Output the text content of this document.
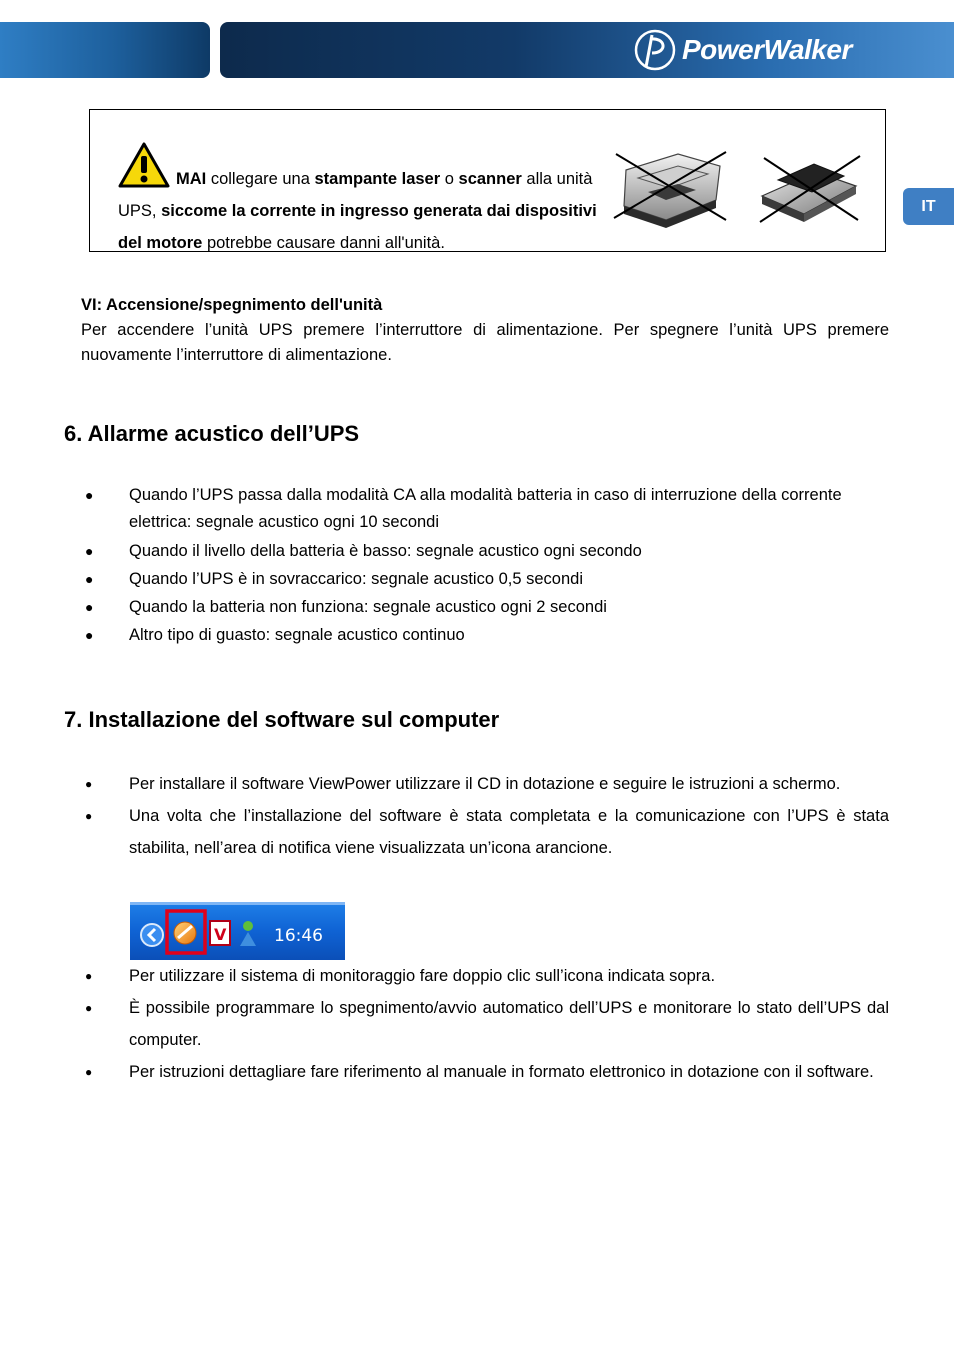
PowerWalker
IT
MAI collegare una stampante laser o scanner alla unità UPS, siccome la corrente in ingresso generata dai dispositivi del motore potrebbe causare danni all'unità.
VI: Accensione/spegnimento dell'unità
Per accendere l’unità UPS premere l’interruttore di alimentazione. Per spegnere l’unità UPS premere nuovamente l’interruttore di alimentazione.
6. Allarme acustico dell’UPS
● Quando l’UPS passa dalla modalità CA alla modalità batteria in caso di interruzione della corrente elettrica: segnale acustico ogni 10 secondi
● Quando il livello della batteria è basso: segnale acustico ogni secondo
● Quando l’UPS è in sovraccarico: segnale acustico 0,5 secondi
● Quando la batteria non funziona: segnale acustico ogni 2 secondi
● Altro tipo di guasto: segnale acustico continuo
7. Installazione del software sul computer
● Per installare il software ViewPower utilizzare il CD in dotazione e seguire le istruzioni a schermo.
● Una volta che l’installazione del software è stata completata e la comunicazione con l’UPS è stata stabilita, nell’area di notifica viene visualizzata un’icona arancione.
V	16:46
● Per utilizzare il sistema di monitoraggio fare doppio clic sull’icona indicata sopra.
● È possibile programmare lo spegnimento/avvio automatico dell’UPS e monitorare lo stato dell’UPS dal computer.
● Per istruzioni dettagliare fare riferimento al manuale in formato elettronico in dotazione con il software.
